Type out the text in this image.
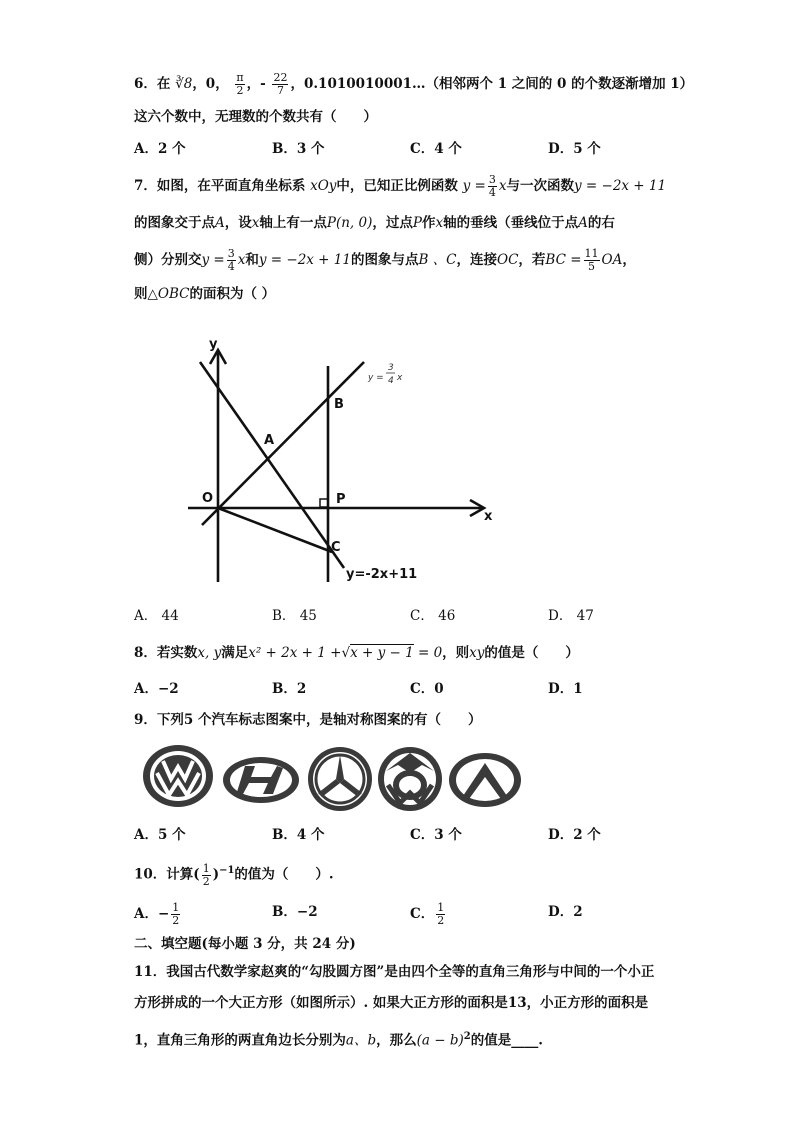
6．在 ∛8，0， $\frac{\pi}{2}$ ，- $\frac{22}{7}$ ，0.1010010001…（相邻两个 1 之间的 0 的个数逐渐增加 1）
这六个数中，无理数的个数共有（　　）
A．2 个	B．3 个	C．4 个	D．5 个
7．如图，在平面直角坐标系 xOy中，已知正比例函数 $y = \frac{3}{4}$ x与一次函数y = −2x + 11
的图象交于点A，设x轴上有一点P(n, 0)，过点P作x轴的垂线（垂线位于点A的右
侧）分别交$y = \frac{3}{4}$ x和y = −2x + 11的图象与点B 、C，连接OC，若BC = $\frac{11}{5}$ OA，
则△OBC的面积为（ ）
y
x
O
A
B
P
C
y=-2x+11
y =
3
4 x
A． 44	B． 45	C． 46	D． 47
8．若实数x, y满足x² + 2x + 1 +√x + y − 1 = 0，则xy的值是（　　）
A．−2	B．2	C．0	D．1
9．下列5 个汽车标志图案中，是轴对称图案的有（　　）
A．5 个	B．4 个	C．3 个	D．2 个
10．计算( $\frac{1}{2} )^{-1}$的值为（　　）.
A．− $\frac{1}{2}$	B．−2	C． $\frac{1}{2}$	D．2
二、填空题(每小题 3 分，共 24 分)
11．我国古代数学家赵爽的“勾股圆方图”是由四个全等的直角三角形与中间的一个小正
方形拼成的一个大正方形（如图所示）. 如果大正方形的面积是13，小正方形的面积是
1，直角三角形的两直角边长分别为a、b，那么$(a - b)^2$的值是____.
